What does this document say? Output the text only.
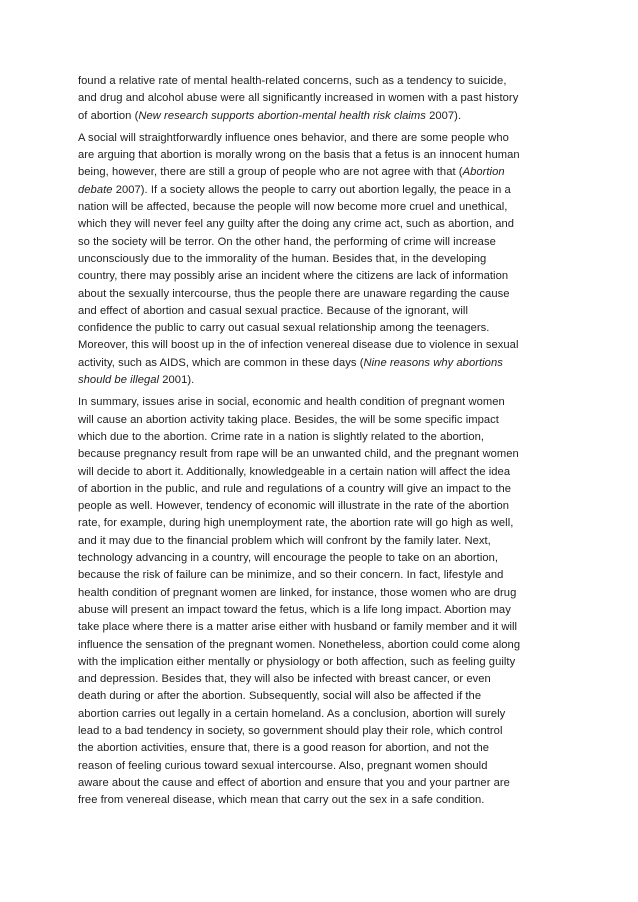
found a relative rate of mental health-related concerns, such as a tendency to suicide,
and drug and alcohol abuse were all significantly increased in women with a past history
of abortion (New research supports abortion-mental health risk claims 2007).
A social will straightforwardly influence ones behavior, and there are some people who
are arguing that abortion is morally wrong on the basis that a fetus is an innocent human
being, however, there are still a group of people who are not agree with that (Abortion
debate 2007). If a society allows the people to carry out abortion legally, the peace in a
nation will be affected, because the people will now become more cruel and unethical,
which they will never feel any guilty after the doing any crime act, such as abortion, and
so the society will be terror. On the other hand, the performing of crime will increase
unconsciously due to the immorality of the human. Besides that, in the developing
country, there may possibly arise an incident where the citizens are lack of information
about the sexually intercourse, thus the people there are unaware regarding the cause
and effect of abortion and casual sexual practice. Because of the ignorant, will
confidence the public to carry out casual sexual relationship among the teenagers.
Moreover, this will boost up in the of infection venereal disease due to violence in sexual
activity, such as AIDS, which are common in these days (Nine reasons why abortions
should be illegal 2001).
In summary, issues arise in social, economic and health condition of pregnant women
will cause an abortion activity taking place. Besides, the will be some specific impact
which due to the abortion. Crime rate in a nation is slightly related to the abortion,
because pregnancy result from rape will be an unwanted child, and the pregnant women
will decide to abort it. Additionally, knowledgeable in a certain nation will affect the idea
of abortion in the public, and rule and regulations of a country will give an impact to the
people as well. However, tendency of economic will illustrate in the rate of the abortion
rate, for example, during high unemployment rate, the abortion rate will go high as well,
and it may due to the financial problem which will confront by the family later. Next,
technology advancing in a country, will encourage the people to take on an abortion,
because the risk of failure can be minimize, and so their concern. In fact, lifestyle and
health condition of pregnant women are linked, for instance, those women who are drug
abuse will present an impact toward the fetus, which is a life long impact. Abortion may
take place where there is a matter arise either with husband or family member and it will
influence the sensation of the pregnant women. Nonetheless, abortion could come along
with the implication either mentally or physiology or both affection, such as feeling guilty
and depression. Besides that, they will also be infected with breast cancer, or even
death during or after the abortion. Subsequently, social will also be affected if the
abortion carries out legally in a certain homeland. As a conclusion, abortion will surely
lead to a bad tendency in society, so government should play their role, which control
the abortion activities, ensure that, there is a good reason for abortion, and not the
reason of feeling curious toward sexual intercourse. Also, pregnant women should
aware about the cause and effect of abortion and ensure that you and your partner are
free from venereal disease, which mean that carry out the sex in a safe condition.
